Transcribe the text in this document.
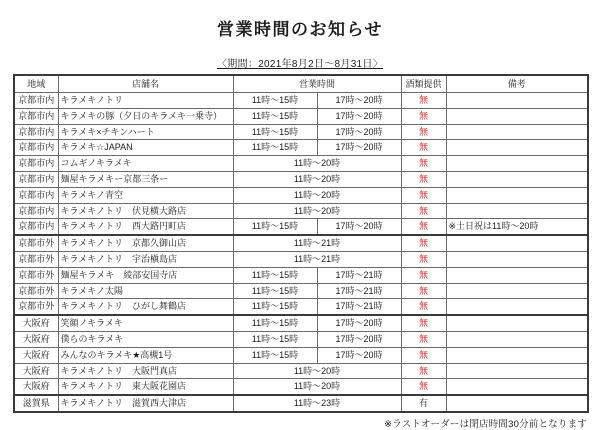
営業時間のお知らせ
〈期間：2021年8月2日～8月31日〉
地域	店舗名	営業時間		酒類提供	備考
京都市内	キラメキノトリ	11時～15時	17時～20時	無	
京都市内	キラメキの豚（夕日のキラメキ一乗寺）	11時～15時	17時～20時	無	
京都市内	キラメキ×チキンハート	11時～15時	17時～20時	無	
京都市内	キラメキ☆JAPAN	11時～15時	17時～20時	無	
京都市内	コムギノキラメキ	11時～20時		無	
京都市内	麺屋キラメキー京都三条ー	11時～20時		無	
京都市内	キラメキノ青空	11時～20時		無	
京都市内	キラメキノトリ　伏見横大路店	11時～20時		無	
京都市内	キラメキノトリ　西大路円町店	11時～15時	17時～20時	無	※土日祝は11時～20時
京都市外	キラメキノトリ　京都久御山店	11時～21時		無	
京都市外	キラメキノトリ　宇治槇島店	11時～21時		無	
京都市外	麺屋キラメキ　綾部安国寺店	11時～15時	17時～21時	無	
京都市外	キラメキノ太陽	11時～15時	17時～21時	無	
京都市外	キラメキノトリ　ひがし舞鶴店	11時～15時	17時～21時	無	
大阪府	笑顔ノキラメキ	11時～15時	17時～20時	無	
大阪府	僕らのキラメキ	11時～15時	17時～20時	無	
大阪府	みんなのキラメキ★高槻1号	11時～15時	17時～20時	無	
大阪府	キラメキノトリ　大阪門真店	11時～20時		無	
大阪府	キラメキノトリ　東大阪花園店	11時～20時		無	
滋賀県	キラメキノトリ　滋賀西大津店	11時～23時		有	
※ラストオーダーは閉店時間30分前となります
